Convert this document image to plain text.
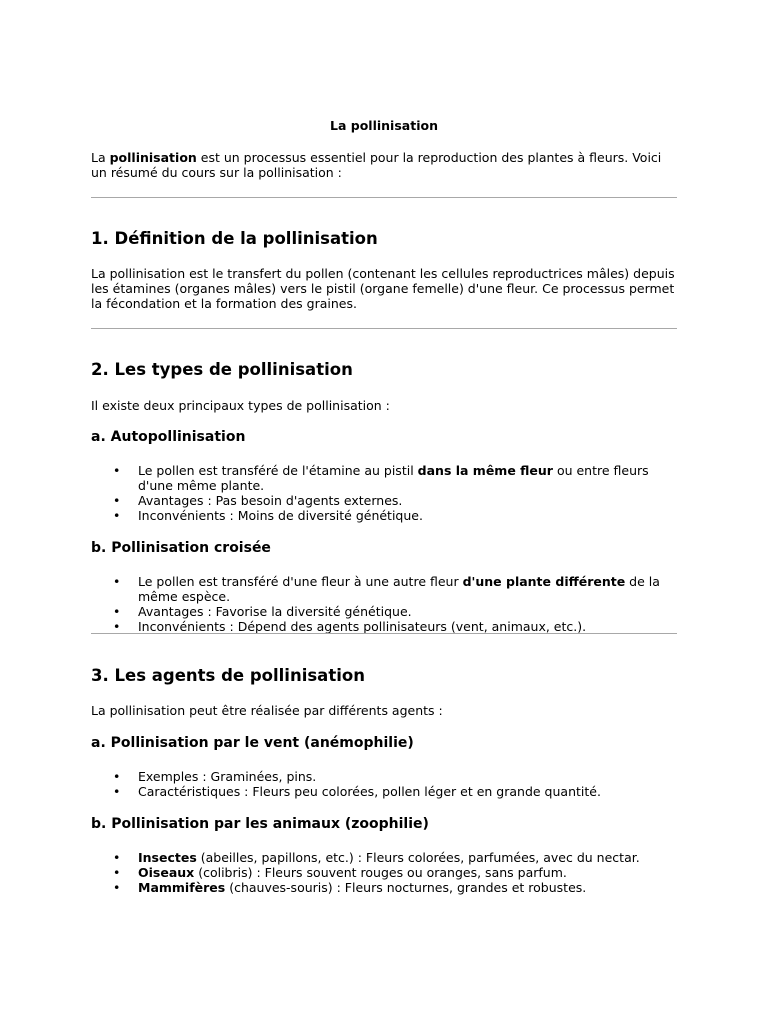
La pollinisation

La pollinisation est un processus essentiel pour la reproduction des plantes à fleurs. Voici un résumé du cours sur la pollinisation :

1. Définition de la pollinisation

La pollinisation est le transfert du pollen (contenant les cellules reproductrices mâles) depuis les étamines (organes mâles) vers le pistil (organe femelle) d'une fleur. Ce processus permet la fécondation et la formation des graines.

2. Les types de pollinisation

Il existe deux principaux types de pollinisation :

a. Autopollinisation
• Le pollen est transféré de l'étamine au pistil dans la même fleur ou entre fleurs d'une même plante.
• Avantages : Pas besoin d'agents externes.
• Inconvénients : Moins de diversité génétique.
b. Pollinisation croisée
• Le pollen est transféré d'une fleur à une autre fleur d'une plante différente de la même espèce.
• Avantages : Favorise la diversité génétique.
• Inconvénients : Dépend des agents pollinisateurs (vent, animaux, etc.).
3. Les agents de pollinisation

La pollinisation peut être réalisée par différents agents :

a. Pollinisation par le vent (anémophilie)
• Exemples : Graminées, pins.
• Caractéristiques : Fleurs peu colorées, pollen léger et en grande quantité.
b. Pollinisation par les animaux (zoophilie)
• Insectes (abeilles, papillons, etc.) : Fleurs colorées, parfumées, avec du nectar.
• Oiseaux (colibris) : Fleurs souvent rouges ou oranges, sans parfum.
• Mammifères (chauves-souris) : Fleurs nocturnes, grandes et robustes.
